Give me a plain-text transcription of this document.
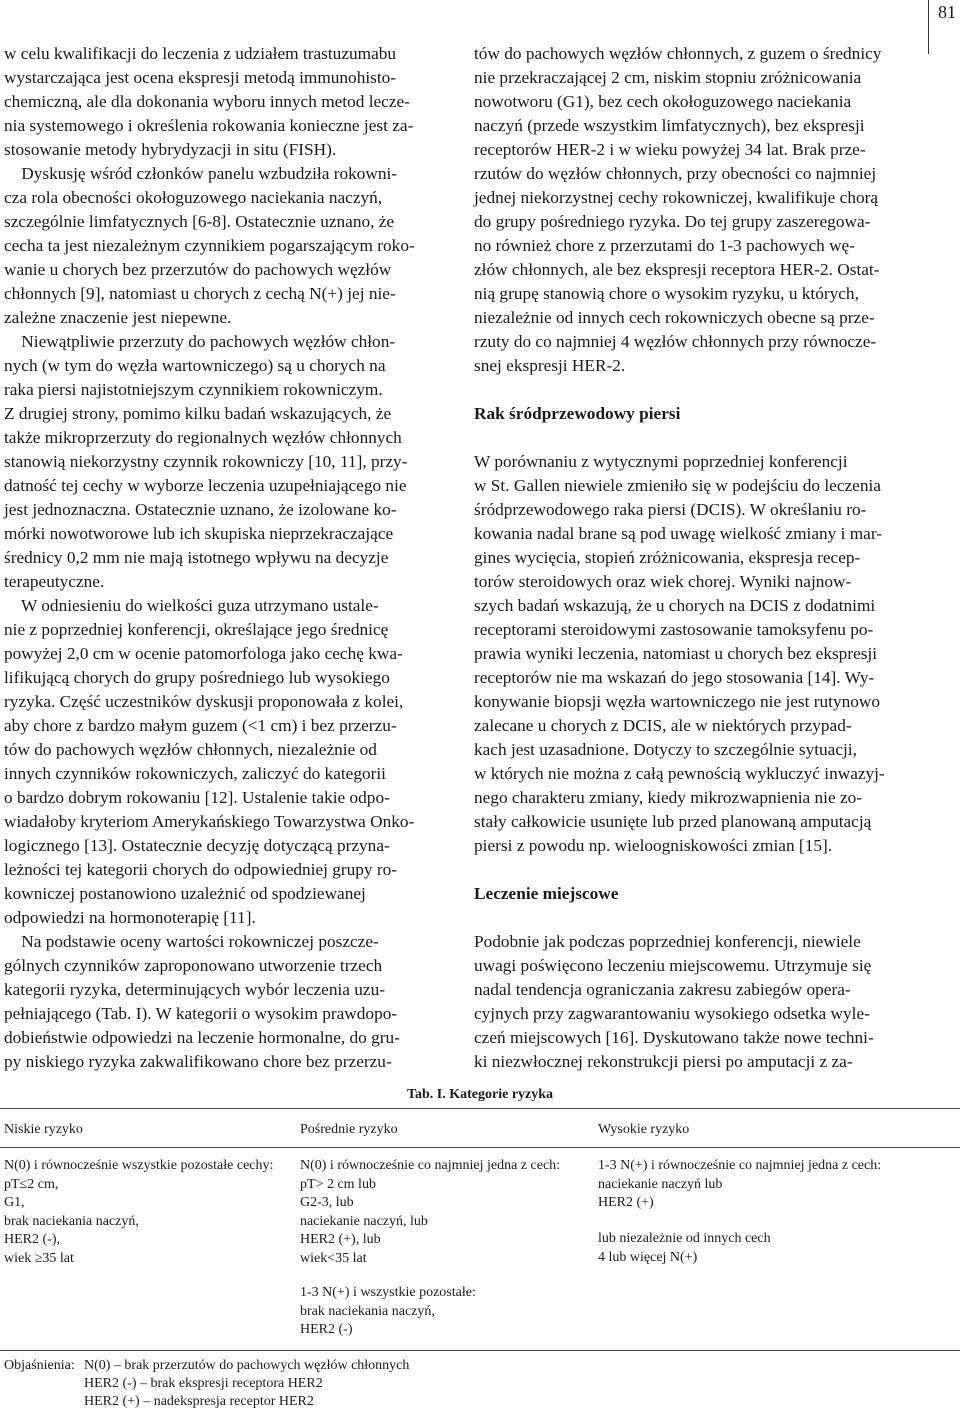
81
w celu kwalifikacji do leczenia z udziałem trastuzumabu
wystarczająca jest ocena ekspresji metodą immunohisto-
chemiczną, ale dla dokonania wyboru innych metod lecze-
nia systemowego i określenia rokowania konieczne jest za-
stosowanie metody hybrydyzacji in situ (FISH).
Dyskusję wśród członków panelu wzbudziła rokowni-
cza rola obecności okołoguzowego naciekania naczyń,
szczególnie limfatycznych [6-8]. Ostatecznie uznano, że
cecha ta jest niezależnym czynnikiem pogarszającym roko-
wanie u chorych bez przerzutów do pachowych węzłów
chłonnych [9], natomiast u chorych z cechą N(+) jej nie-
zależne znaczenie jest niepewne.
Niewątpliwie przerzuty do pachowych węzłów chłon-
nych (w tym do węzła wartowniczego) są u chorych na
raka piersi najistotniejszym czynnikiem rokowniczym.
Z drugiej strony, pomimo kilku badań wskazujących, że
także mikroprzerzuty do regionalnych węzłów chłonnych
stanowią niekorzystny czynnik rokowniczy [10, 11], przy-
datność tej cechy w wyborze leczenia uzupełniającego nie
jest jednoznaczna. Ostatecznie uznano, że izolowane ko-
mórki nowotworowe lub ich skupiska nieprzekraczające
średnicy 0,2 mm nie mają istotnego wpływu na decyzje
terapeutyczne.
W odniesieniu do wielkości guza utrzymano ustale-
nie z poprzedniej konferencji, określające jego średnicę
powyżej 2,0 cm w ocenie patomorfologa jako cechę kwa-
lifikującą chorych do grupy pośredniego lub wysokiego
ryzyka. Część uczestników dyskusji proponowała z kolei,
aby chore z bardzo małym guzem (<1 cm) i bez przerzu-
tów do pachowych węzłów chłonnych, niezależnie od
innych czynników rokowniczych, zaliczyć do kategorii
o bardzo dobrym rokowaniu [12]. Ustalenie takie odpo-
wiadałoby kryteriom Amerykańskiego Towarzystwa Onko-
logicznego [13]. Ostatecznie decyzję dotyczącą przyna-
leżności tej kategorii chorych do odpowiedniej grupy ro-
kowniczej postanowiono uzależnić od spodziewanej
odpowiedzi na hormonoterapię [11].
Na podstawie oceny wartości rokowniczej poszcze-
gólnych czynników zaproponowano utworzenie trzech
kategorii ryzyka, determinujących wybór leczenia uzu-
pełniającego (Tab. I). W kategorii o wysokim prawdopo-
dobieństwie odpowiedzi na leczenie hormonalne, do gru-
py niskiego ryzyka zakwalifikowano chore bez przerzu-
tów do pachowych węzłów chłonnych, z guzem o średnicy
nie przekraczającej 2 cm, niskim stopniu zróżnicowania
nowotworu (G1), bez cech okołoguzowego naciekania
naczyń (przede wszystkim limfatycznych), bez ekspresji
receptorów HER-2 i w wieku powyżej 34 lat. Brak prze-
rzutów do węzłów chłonnych, przy obecności co najmniej
jednej niekorzystnej cechy rokowniczej, kwalifikuje chorą
do grupy pośredniego ryzyka. Do tej grupy zaszeregowa-
no również chore z przerzutami do 1-3 pachowych wę-
złów chłonnych, ale bez ekspresji receptora HER-2. Ostat-
nią grupę stanowią chore o wysokim ryzyku, u których,
niezależnie od innych cech rokowniczych obecne są prze-
rzuty do co najmniej 4 węzłów chłonnych przy równocze-
snej ekspresji HER-2.
Rak śródprzewodowy piersi
W porównaniu z wytycznymi poprzedniej konferencji
w St. Gallen niewiele zmieniło się w podejściu do leczenia
śródprzewodowego raka piersi (DCIS). W określaniu ro-
kowania nadal brane są pod uwagę wielkość zmiany i mar-
gines wycięcia, stopień zróżnicowania, ekspresja recep-
torów steroidowych oraz wiek chorej. Wyniki najnow-
szych badań wskazują, że u chorych na DCIS z dodatnimi
receptorami steroidowymi zastosowanie tamoksyfenu po-
prawia wyniki leczenia, natomiast u chorych bez ekspresji
receptorów nie ma wskazań do jego stosowania [14]. Wy-
konywanie biopsji węzła wartowniczego nie jest rutynowo
zalecane u chorych z DCIS, ale w niektórych przypad-
kach jest uzasadnione. Dotyczy to szczególnie sytuacji,
w których nie można z całą pewnością wykluczyć inwazyj-
nego charakteru zmiany, kiedy mikrozwapnienia nie zo-
stały całkowicie usunięte lub przed planowaną amputacją
piersi z powodu np. wieloogniskowości zmian [15].
Leczenie miejscowe
Podobnie jak podczas poprzedniej konferencji, niewiele
uwagi poświęcono leczeniu miejscowemu. Utrzymuje się
nadal tendencja ograniczania zakresu zabiegów opera-
cyjnych przy zagwarantowaniu wysokiego odsetka wyle-
czeń miejscowych [16]. Dyskutowano także nowe techni-
ki niezwłocznej rekonstrukcji piersi po amputacji z za-
Tab. I. Kategorie ryzyka
Niskie ryzyko	Pośrednie ryzyko	Wysokie ryzyko
N(0) i równocześnie wszystkie pozostałe cechy:
pT≤2 cm,
G1,
brak naciekania naczyń,
HER2 (-),
wiek ≥35 lat
N(0) i równocześnie co najmniej jedna z cech:
pT> 2 cm lub
G2-3, lub
naciekanie naczyń, lub
HER2 (+), lub
wiek<35 lat
1-3 N(+) i wszystkie pozostałe:
brak naciekania naczyń,
HER2 (-)
1-3 N(+) i równocześnie co najmniej jedna z cech:
naciekanie naczyń lub
HER2 (+)
lub niezależnie od innych cech
4 lub więcej N(+)
Objaśnienia: N(0) – brak przerzutów do pachowych węzłów chłonnych
HER2 (-) – brak ekspresji receptora HER2
HER2 (+) – nadekspresja receptor HER2
